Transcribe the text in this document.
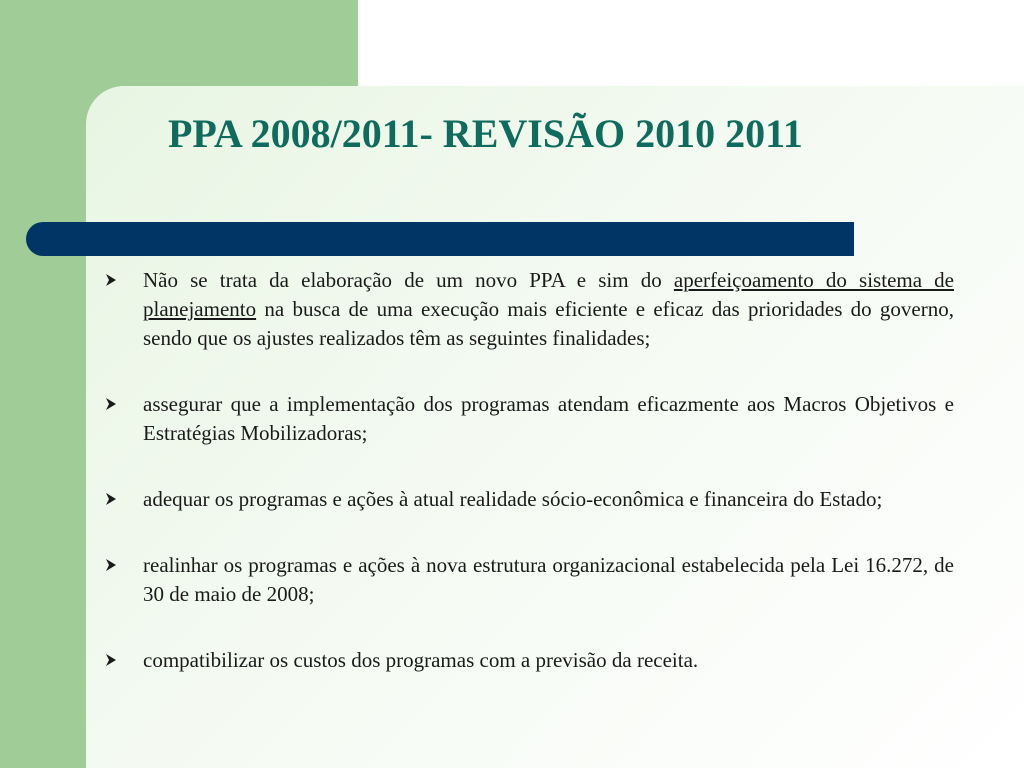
PPA 2008/2011- REVISÃO 2010 2011
Não se trata da elaboração de um novo PPA e sim do aperfeiçoamento do sistema de planejamento na busca de uma execução mais eficiente e eficaz das prioridades do governo, sendo que os ajustes realizados têm as seguintes finalidades;
assegurar que a implementação dos programas atendam eficazmente aos Macros Objetivos e Estratégias Mobilizadoras;
adequar os programas e ações à atual realidade sócio-econômica e financeira do Estado;
realinhar os programas e ações à nova estrutura organizacional estabelecida pela Lei 16.272, de 30 de maio de 2008;
compatibilizar os custos dos programas com a previsão da receita.
